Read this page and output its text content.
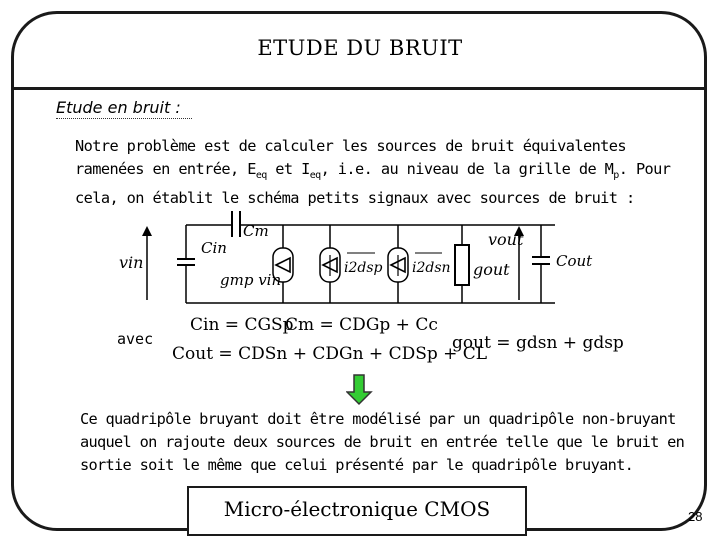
ETUDE DU BRUIT
Etude en bruit :
Notre problème est de calculer les sources de bruit équivalentes
ramenées en entrée, $E_{eq}$ et $I_{eq}$, i.e. au niveau de la grille de $M_p$. Pour
cela, on établit le schéma petits signaux avec sources de bruit :
Cm
Cin
vin
gmp vin
i2dsp i2dsn
vout
gout	Cout
avec
Cin = CGSp
Cm = CDGp + Cc
Cout = CDSn + CDGn + CDSp + CL
gout = gdsn + gdsp
Ce quadripôle bruyant doit être modélisé par un quadripôle non-bruyant
auquel on rajoute deux sources de bruit en entrée telle que le bruit en
sortie soit le même que celui présenté par le quadripôle bruyant.
Micro-électronique CMOS	28
